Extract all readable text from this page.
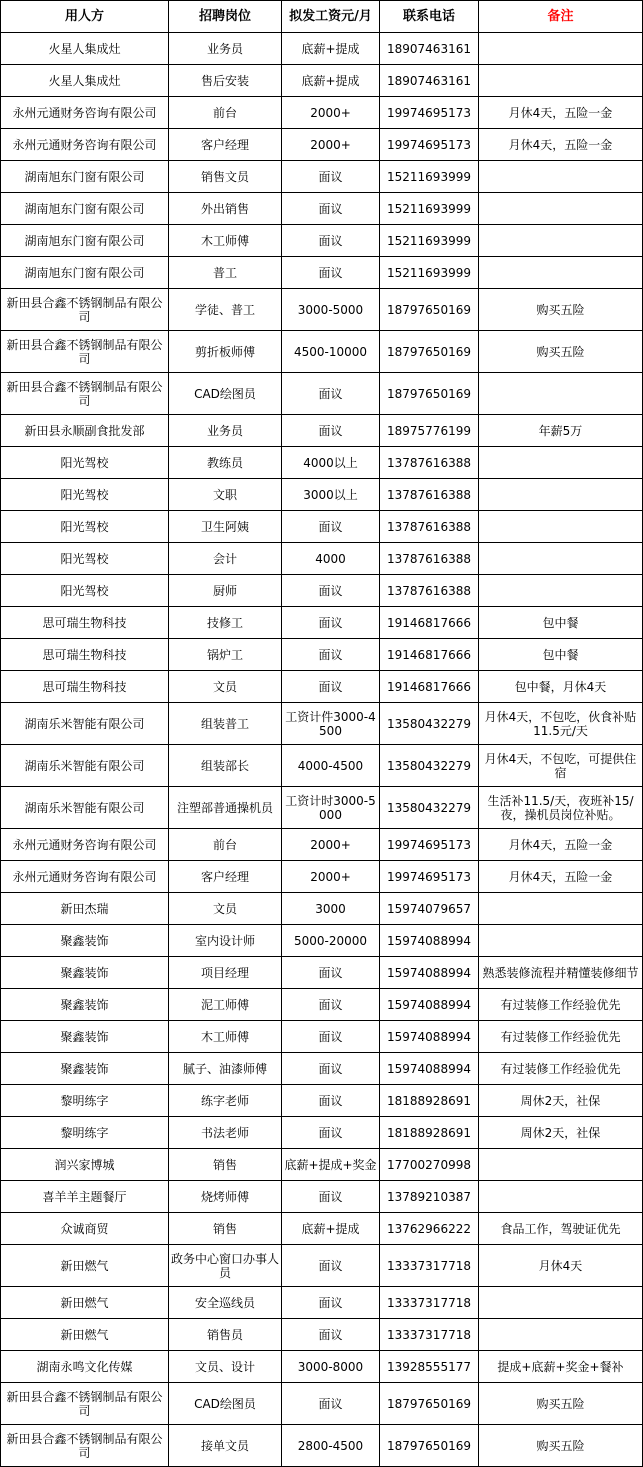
用人方	招聘岗位	拟发工资元/月	联系电话	备注
火星人集成灶	业务员	底薪+提成	18907463161	
火星人集成灶	售后安装	底薪+提成	18907463161	
永州元通财务咨询有限公司	前台	2000+	19974695173	月休4天，五险一金
永州元通财务咨询有限公司	客户经理	2000+	19974695173	月休4天，五险一金
湖南旭东门窗有限公司	销售文员	面议	15211693999	
湖南旭东门窗有限公司	外出销售	面议	15211693999	
湖南旭东门窗有限公司	木工师傅	面议	15211693999	
湖南旭东门窗有限公司	普工	面议	15211693999	
新田县合鑫不锈钢制品有限公司	学徒、普工	3000-5000	18797650169	购买五险
新田县合鑫不锈钢制品有限公司	剪折板师傅	4500-10000	18797650169	购买五险
新田县合鑫不锈钢制品有限公司	CAD绘图员	面议	18797650169	
新田县永顺副食批发部	业务员	面议	18975776199	年薪5万
阳光驾校	教练员	4000以上	13787616388	
阳光驾校	文职	3000以上	13787616388	
阳光驾校	卫生阿姨	面议	13787616388	
阳光驾校	会计	4000	13787616388	
阳光驾校	厨师	面议	13787616388	
思可瑞生物科技	技修工	面议	19146817666	包中餐
思可瑞生物科技	锅炉工	面议	19146817666	包中餐
思可瑞生物科技	文员	面议	19146817666	包中餐，月休4天
湖南乐米智能有限公司	组装普工	工资计件3000-4500	13580432279	月休4天，不包吃，伙食补贴11.5元/天
湖南乐米智能有限公司	组装部长	4000-4500	13580432279	月休4天，不包吃，可提供住宿
湖南乐米智能有限公司	注塑部普通操机员	工资计时3000-5000	13580432279	生活补11.5/天，夜班补15/夜，操机员岗位补贴。
永州元通财务咨询有限公司	前台	2000+	19974695173	月休4天，五险一金
永州元通财务咨询有限公司	客户经理	2000+	19974695173	月休4天，五险一金
新田杰瑞	文员	3000	15974079657	
聚鑫装饰	室内设计师	5000-20000	15974088994	
聚鑫装饰	项目经理	面议	15974088994	熟悉装修流程并精懂装修细节
聚鑫装饰	泥工师傅	面议	15974088994	有过装修工作经验优先
聚鑫装饰	木工师傅	面议	15974088994	有过装修工作经验优先
聚鑫装饰	腻子、油漆师傅	面议	15974088994	有过装修工作经验优先
黎明练字	练字老师	面议	18188928691	周休2天，社保
黎明练字	书法老师	面议	18188928691	周休2天，社保
润兴家博城	销售	底薪+提成+奖金	17700270998	
喜羊羊主题餐厅	烧烤师傅	面议	13789210387	
众诚商贸	销售	底薪+提成	13762966222	食品工作，驾驶证优先
新田燃气	政务中心窗口办事人员	面议	13337317718	月休4天
新田燃气	安全巡线员	面议	13337317718	
新田燃气	销售员	面议	13337317718	
湖南永鸣文化传媒	文员、设计	3000-8000	13928555177	提成+底薪+奖金+餐补
新田县合鑫不锈钢制品有限公司	CAD绘图员	面议	18797650169	购买五险
新田县合鑫不锈钢制品有限公司	接单文员	2800-4500	18797650169	购买五险
